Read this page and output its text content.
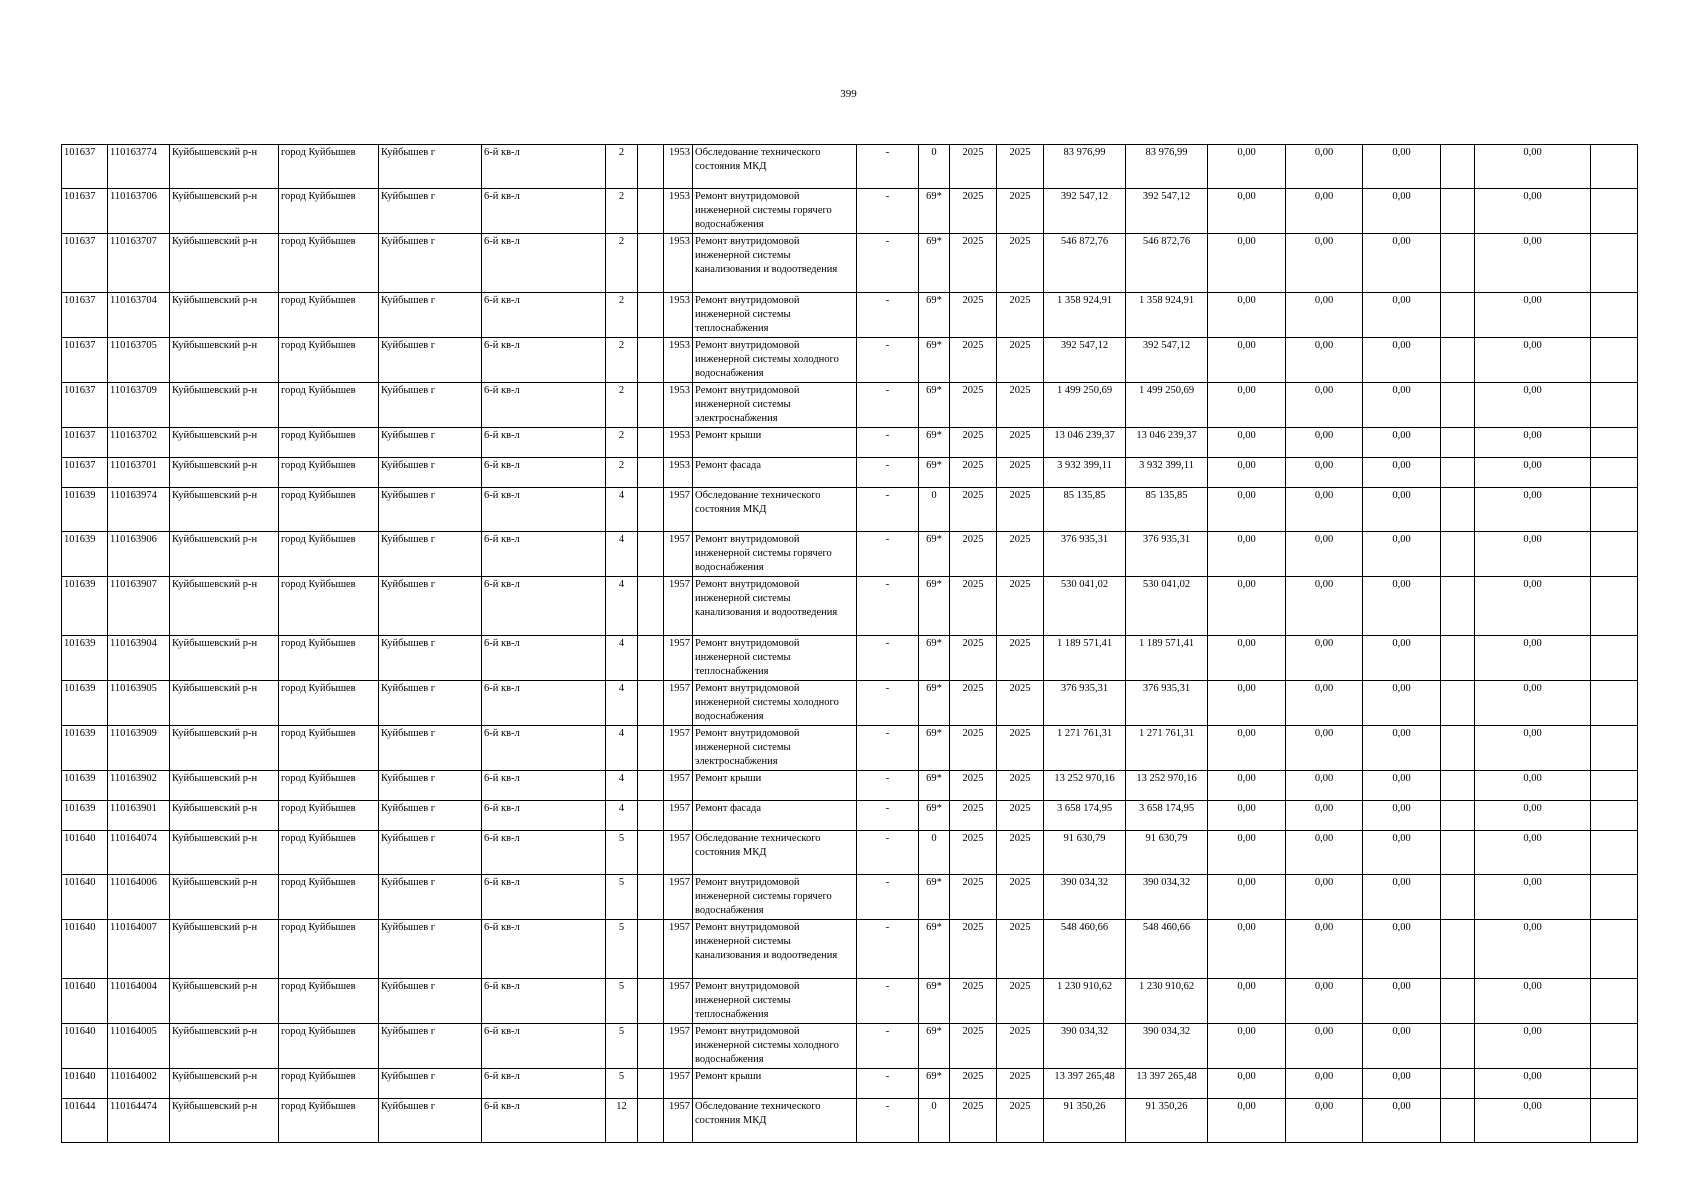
399
101637	110163774	Куйбышевский р-н	город Куйбышев	Куйбышев г	6-й кв-л	2		1953	Обследование технического состояния МКД	-	0	2025	2025	83 976,99	83 976,99	0,00	0,00	0,00		0,00	
101637	110163706	Куйбышевский р-н	город Куйбышев	Куйбышев г	6-й кв-л	2		1953	Ремонт внутридомовой инженерной системы горячего водоснабжения	-	69*	2025	2025	392 547,12	392 547,12	0,00	0,00	0,00		0,00	
101637	110163707	Куйбышевский р-н	город Куйбышев	Куйбышев г	6-й кв-л	2		1953	Ремонт внутридомовой инженерной системы канализования и водоотведения	-	69*	2025	2025	546 872,76	546 872,76	0,00	0,00	0,00		0,00	
101637	110163704	Куйбышевский р-н	город Куйбышев	Куйбышев г	6-й кв-л	2		1953	Ремонт внутридомовой инженерной системы теплоснабжения	-	69*	2025	2025	1 358 924,91	1 358 924,91	0,00	0,00	0,00		0,00	
101637	110163705	Куйбышевский р-н	город Куйбышев	Куйбышев г	6-й кв-л	2		1953	Ремонт внутридомовой инженерной системы холодного водоснабжения	-	69*	2025	2025	392 547,12	392 547,12	0,00	0,00	0,00		0,00	
101637	110163709	Куйбышевский р-н	город Куйбышев	Куйбышев г	6-й кв-л	2		1953	Ремонт внутридомовой инженерной системы электроснабжения	-	69*	2025	2025	1 499 250,69	1 499 250,69	0,00	0,00	0,00		0,00	
101637	110163702	Куйбышевский р-н	город Куйбышев	Куйбышев г	6-й кв-л	2		1953	Ремонт крыши	-	69*	2025	2025	13 046 239,37	13 046 239,37	0,00	0,00	0,00		0,00	
101637	110163701	Куйбышевский р-н	город Куйбышев	Куйбышев г	6-й кв-л	2		1953	Ремонт фасада	-	69*	2025	2025	3 932 399,11	3 932 399,11	0,00	0,00	0,00		0,00	
101639	110163974	Куйбышевский р-н	город Куйбышев	Куйбышев г	6-й кв-л	4		1957	Обследование технического состояния МКД	-	0	2025	2025	85 135,85	85 135,85	0,00	0,00	0,00		0,00	
101639	110163906	Куйбышевский р-н	город Куйбышев	Куйбышев г	6-й кв-л	4		1957	Ремонт внутридомовой инженерной системы горячего водоснабжения	-	69*	2025	2025	376 935,31	376 935,31	0,00	0,00	0,00		0,00	
101639	110163907	Куйбышевский р-н	город Куйбышев	Куйбышев г	6-й кв-л	4		1957	Ремонт внутридомовой инженерной системы канализования и водоотведения	-	69*	2025	2025	530 041,02	530 041,02	0,00	0,00	0,00		0,00	
101639	110163904	Куйбышевский р-н	город Куйбышев	Куйбышев г	6-й кв-л	4		1957	Ремонт внутридомовой инженерной системы теплоснабжения	-	69*	2025	2025	1 189 571,41	1 189 571,41	0,00	0,00	0,00		0,00	
101639	110163905	Куйбышевский р-н	город Куйбышев	Куйбышев г	6-й кв-л	4		1957	Ремонт внутридомовой инженерной системы холодного водоснабжения	-	69*	2025	2025	376 935,31	376 935,31	0,00	0,00	0,00		0,00	
101639	110163909	Куйбышевский р-н	город Куйбышев	Куйбышев г	6-й кв-л	4		1957	Ремонт внутридомовой инженерной системы электроснабжения	-	69*	2025	2025	1 271 761,31	1 271 761,31	0,00	0,00	0,00		0,00	
101639	110163902	Куйбышевский р-н	город Куйбышев	Куйбышев г	6-й кв-л	4		1957	Ремонт крыши	-	69*	2025	2025	13 252 970,16	13 252 970,16	0,00	0,00	0,00		0,00	
101639	110163901	Куйбышевский р-н	город Куйбышев	Куйбышев г	6-й кв-л	4		1957	Ремонт фасада	-	69*	2025	2025	3 658 174,95	3 658 174,95	0,00	0,00	0,00		0,00	
101640	110164074	Куйбышевский р-н	город Куйбышев	Куйбышев г	6-й кв-л	5		1957	Обследование технического состояния МКД	-	0	2025	2025	91 630,79	91 630,79	0,00	0,00	0,00		0,00	
101640	110164006	Куйбышевский р-н	город Куйбышев	Куйбышев г	6-й кв-л	5		1957	Ремонт внутридомовой инженерной системы горячего водоснабжения	-	69*	2025	2025	390 034,32	390 034,32	0,00	0,00	0,00		0,00	
101640	110164007	Куйбышевский р-н	город Куйбышев	Куйбышев г	6-й кв-л	5		1957	Ремонт внутридомовой инженерной системы канализования и водоотведения	-	69*	2025	2025	548 460,66	548 460,66	0,00	0,00	0,00		0,00	
101640	110164004	Куйбышевский р-н	город Куйбышев	Куйбышев г	6-й кв-л	5		1957	Ремонт внутридомовой инженерной системы теплоснабжения	-	69*	2025	2025	1 230 910,62	1 230 910,62	0,00	0,00	0,00		0,00	
101640	110164005	Куйбышевский р-н	город Куйбышев	Куйбышев г	6-й кв-л	5		1957	Ремонт внутридомовой инженерной системы холодного водоснабжения	-	69*	2025	2025	390 034,32	390 034,32	0,00	0,00	0,00		0,00	
101640	110164002	Куйбышевский р-н	город Куйбышев	Куйбышев г	6-й кв-л	5		1957	Ремонт крыши	-	69*	2025	2025	13 397 265,48	13 397 265,48	0,00	0,00	0,00		0,00	
101644	110164474	Куйбышевский р-н	город Куйбышев	Куйбышев г	6-й кв-л	12		1957	Обследование технического состояния МКД	-	0	2025	2025	91 350,26	91 350,26	0,00	0,00	0,00		0,00	
